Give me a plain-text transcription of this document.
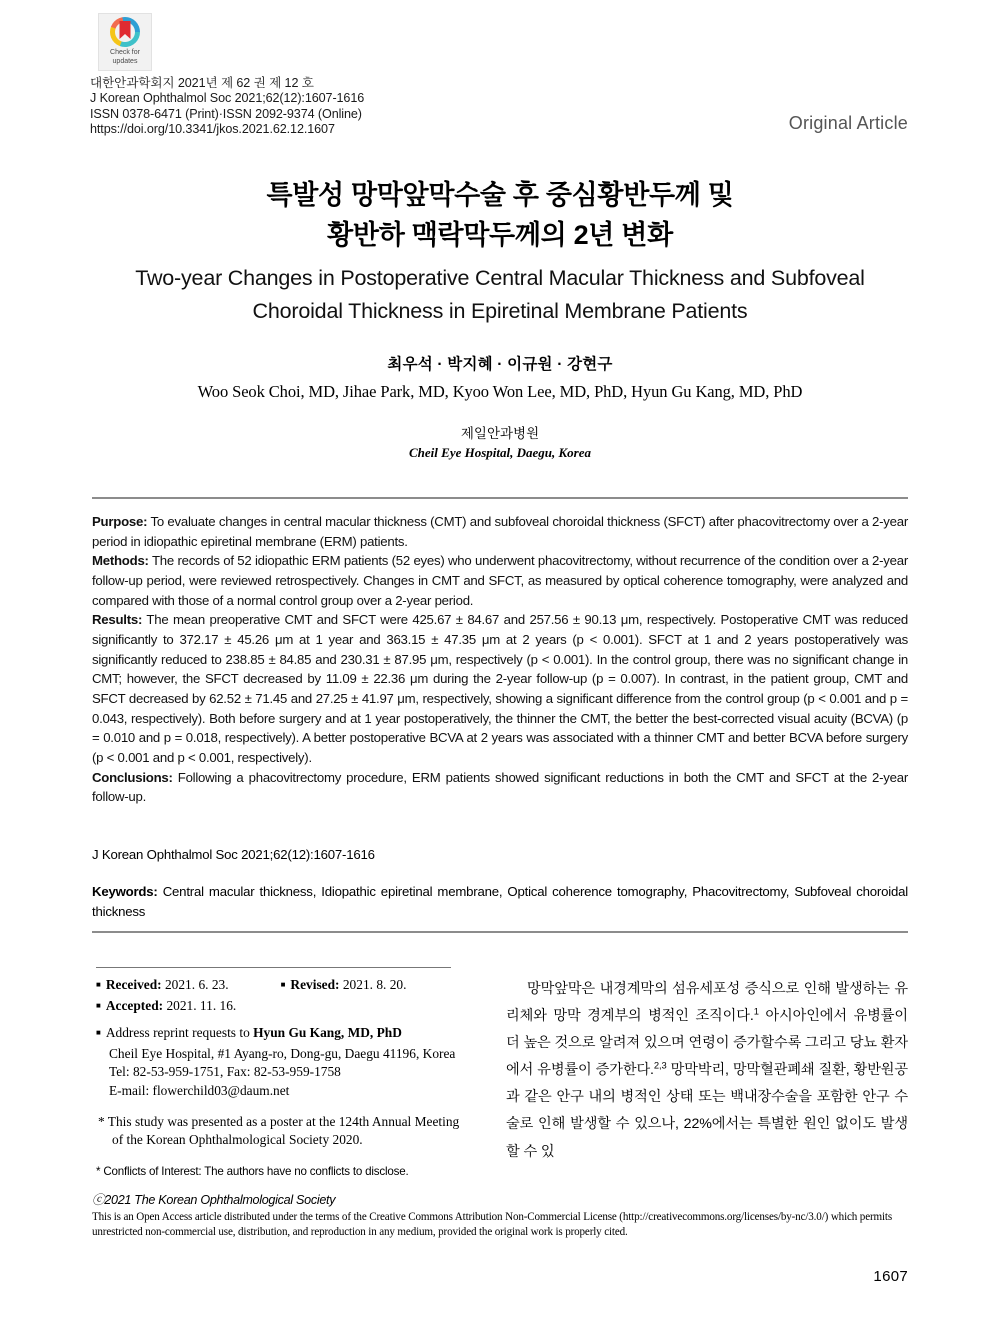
Check for
updates
대한안과학회지 2021년 제 62 권 제 12 호
J Korean Ophthalmol Soc 2021;62(12):1607-1616
ISSN 0378-6471 (Print)·ISSN 2092-9374 (Online)
https://doi.org/10.3341/jkos.2021.62.12.1607	Original Article
특발성 망막앞막수술 후 중심황반두께 및
황반하 맥락막두께의 2년 변화
Two-year Changes in Postoperative Central Macular Thickness and Subfoveal Choroidal Thickness in Epiretinal Membrane Patients
최우석 · 박지혜 · 이규원 · 강현구
Woo Seok Choi, MD, Jihae Park, MD, Kyoo Won Lee, MD, PhD, Hyun Gu Kang, MD, PhD
제일안과병원
Cheil Eye Hospital, Daegu, Korea

Purpose: To evaluate changes in central macular thickness (CMT) and subfoveal choroidal thickness (SFCT) after phacovitrectomy over a 2-year period in idiopathic epiretinal membrane (ERM) patients.

Methods: The records of 52 idiopathic ERM patients (52 eyes) who underwent phacovitrectomy, without recurrence of the condition over a 2-year follow-up period, were reviewed retrospectively. Changes in CMT and SFCT, as measured by optical coherence tomography, were analyzed and compared with those of a normal control group over a 2-year period.

Results: The mean preoperative CMT and SFCT were 425.67 ± 84.67 and 257.56 ± 90.13 μm, respectively. Postoperative CMT was reduced significantly to 372.17 ± 45.26 μm at 1 year and 363.15 ± 47.35 μm at 2 years (p < 0.001). SFCT at 1 and 2 years postoperatively was significantly reduced to 238.85 ± 84.85 and 230.31 ± 87.95 μm, respectively (p < 0.001). In the control group, there was no significant change in CMT; however, the SFCT decreased by 11.09 ± 22.36 μm during the 2-year follow-up (p = 0.007). In contrast, in the patient group, CMT and SFCT decreased by 62.52 ± 71.45 and 27.25 ± 41.97 μm, respectively, showing a significant difference from the control group (p < 0.001 and p = 0.043, respectively). Both before surgery and at 1 year postoperatively, the thinner the CMT, the better the best-corrected visual acuity (BCVA) (p = 0.010 and p = 0.018, respectively). A better postoperative BCVA at 2 years was associated with a thinner CMT and better BCVA before surgery (p < 0.001 and p < 0.001, respectively).

Conclusions: Following a phacovitrectomy procedure, ERM patients showed significant reductions in both the CMT and SFCT at the 2-year follow-up.

J Korean Ophthalmol Soc 2021;62(12):1607-1616
Keywords: Central macular thickness, Idiopathic epiretinal membrane, Optical coherence tomography, Phacovitrectomy, Subfoveal choroidal thickness
■ Received: 2021. 6. 23.	■ Revised: 2021. 8. 20.
■ Accepted: 2021. 11. 16.
■ Address reprint requests to Hyun Gu Kang, MD, PhD
Cheil Eye Hospital, #1 Ayang-ro, Dong-gu, Daegu 41196, Korea
Tel: 82-53-959-1751, Fax: 82-53-959-1758
E-mail: flowerchild03@daum.net
* This study was presented as a poster at the 124th Annual Meeting
of the Korean Ophthalmological Society 2020.
* Conflicts of Interest: The authors have no conflicts to disclose.

망막앞막은 내경계막의 섬유세포성 증식으로 인해 발생하는 유리체와 망막 경계부의 병적인 조직이다.$^1$ 아시아인에서 유병률이 더 높은 것으로 알려져 있으며 연령이 증가할수록 그리고 당뇨 환자에서 유병률이 증가한다.$^{2,3}$ 망막박리, 망막혈관폐쇄 질환, 황반원공과 같은 안구 내의 병적인 상태 또는 백내장수술을 포함한 안구 수술로 인해 발생할 수 있으나, 22%에서는 특별한 원인 없이도 발생할 수 있

ⓒ2021 The Korean Ophthalmological Society
This is an Open Access article distributed under the terms of the Creative Commons Attribution Non-Commercial License (http://creativecommons.org/licenses/by-nc/3.0/) which permits unrestricted non-commercial use, distribution, and reproduction in any medium, provided the original work is properly cited.
1607
